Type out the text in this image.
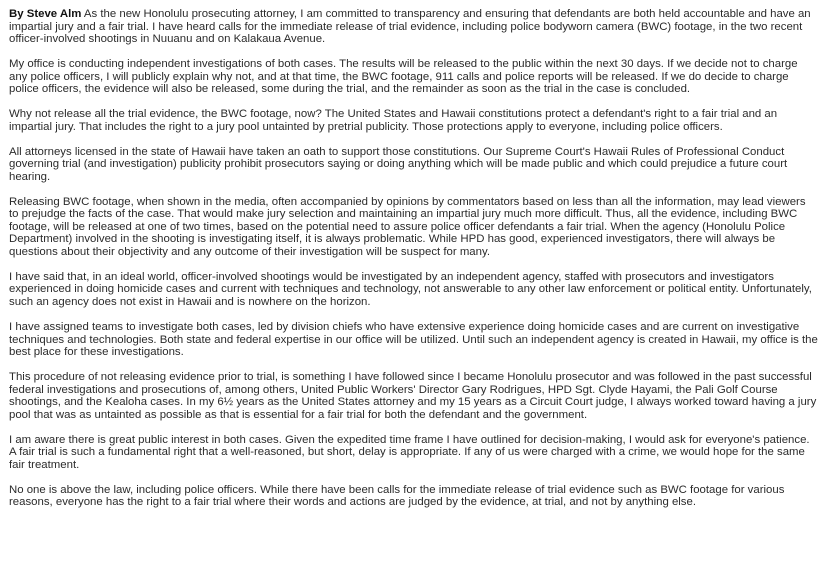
By Steve Alm As the new Honolulu prosecuting attorney, I am committed to transparency and ensuring that defendants are both held accountable and have an impartial jury and a fair trial. I have heard calls for the immediate release of trial evidence, including police bodyworn camera (BWC) footage, in the two recent officer-involved shootings in Nuuanu and on Kalakaua Avenue.

My office is conducting independent investigations of both cases. The results will be released to the public within the next 30 days. If we decide not to charge any police officers, I will publicly explain why not, and at that time, the BWC footage, 911 calls and police reports will be released. If we do decide to charge police officers, the evidence will also be released, some during the trial, and the remainder as soon as the trial in the case is concluded.

Why not release all the trial evidence, the BWC footage, now? The United States and Hawaii constitutions protect a defendant's right to a fair trial and an impartial jury. That includes the right to a jury pool untainted by pretrial publicity. Those protections apply to everyone, including police officers.

All attorneys licensed in the state of Hawaii have taken an oath to support those constitutions. Our Supreme Court's Hawaii Rules of Professional Conduct governing trial (and investigation) publicity prohibit prosecutors saying or doing anything which will be made public and which could prejudice a future court hearing.

Releasing BWC footage, when shown in the media, often accompanied by opinions by commentators based on less than all the information, may lead viewers to prejudge the facts of the case. That would make jury selection and maintaining an impartial jury much more difficult. Thus, all the evidence, including BWC footage, will be released at one of two times, based on the potential need to assure police officer defendants a fair trial. When the agency (Honolulu Police Department) involved in the shooting is investigating itself, it is always problematic. While HPD has good, experienced investigators, there will always be questions about their objectivity and any outcome of their investigation will be suspect for many.

I have said that, in an ideal world, officer-involved shootings would be investigated by an independent agency, staffed with prosecutors and investigators experienced in doing homicide cases and current with techniques and technology, not answerable to any other law enforcement or political entity. Unfortunately, such an agency does not exist in Hawaii and is nowhere on the horizon.

I have assigned teams to investigate both cases, led by division chiefs who have extensive experience doing homicide cases and are current on investigative techniques and technologies. Both state and federal expertise in our office will be utilized. Until such an independent agency is created in Hawaii, my office is the best place for these investigations.

This procedure of not releasing evidence prior to trial, is something I have followed since I became Honolulu prosecutor and was followed in the past successful federal investigations and prosecutions of, among others, United Public Workers' Director Gary Rodrigues, HPD Sgt. Clyde Hayami, the Pali Golf Course shootings, and the Kealoha cases. In my 6½ years as the United States attorney and my 15 years as a Circuit Court judge, I always worked toward having a jury pool that was as untainted as possible as that is essential for a fair trial for both the defendant and the government.

I am aware there is great public interest in both cases. Given the expedited time frame I have outlined for decision-making, I would ask for everyone's patience. A fair trial is such a fundamental right that a well-reasoned, but short, delay is appropriate. If any of us were charged with a crime, we would hope for the same fair treatment.

No one is above the law, including police officers. While there have been calls for the immediate release of trial evidence such as BWC footage for various reasons, everyone has the right to a fair trial where their words and actions are judged by the evidence, at trial, and not by anything else.
